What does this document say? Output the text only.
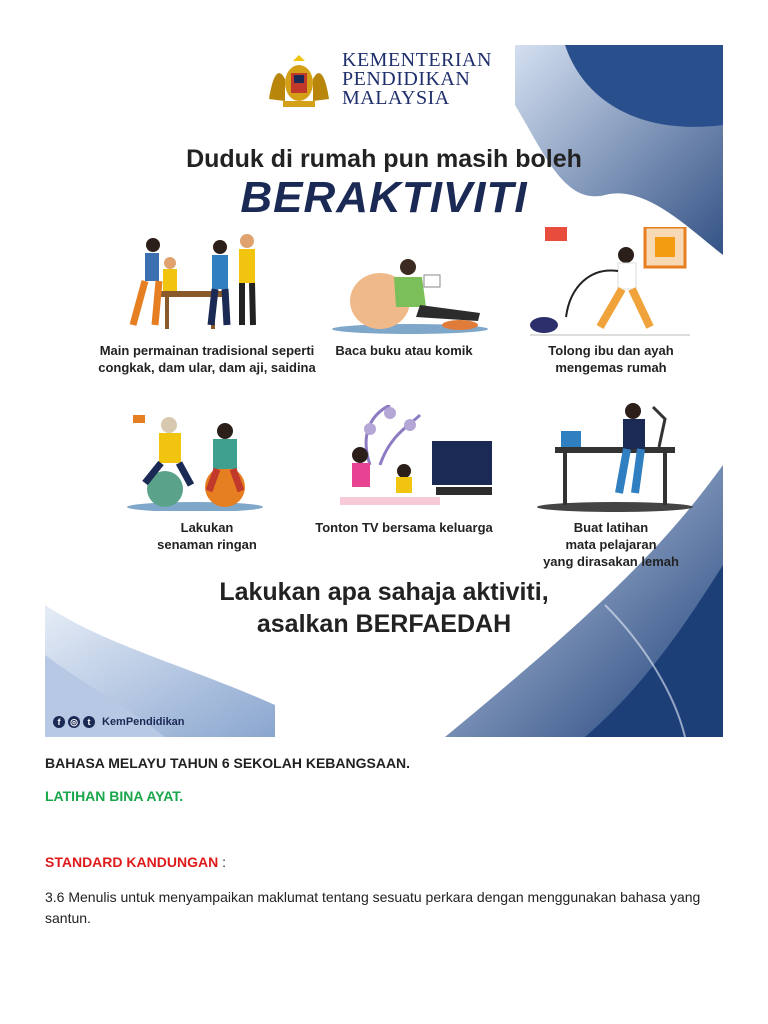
KEMENTERIAN
PENDIDIKAN
MALAYSIA
Duduk di rumah pun masih boleh
BERAKTIVITI
Main permainan tradisional seperti
congkak, dam ular, dam aji, saidina
Baca buku atau komik	Tolong ibu dan ayah
mengemas rumah
Lakukan
senaman ringan
Tonton TV bersama keluarga	Buat latihan
mata pelajaran
yang dirasakan lemah
Lakukan apa sahaja aktiviti,
asalkan BERFAEDAH
f	◎	t	KemPendidikan
BAHASA MELAYU TAHUN 6 SEKOLAH KEBANGSAAN.
LATIHAN BINA AYAT.
STANDARD KANDUNGAN :
3.6 Menulis untuk menyampaikan maklumat tentang sesuatu perkara dengan menggunakan bahasa yang santun.
